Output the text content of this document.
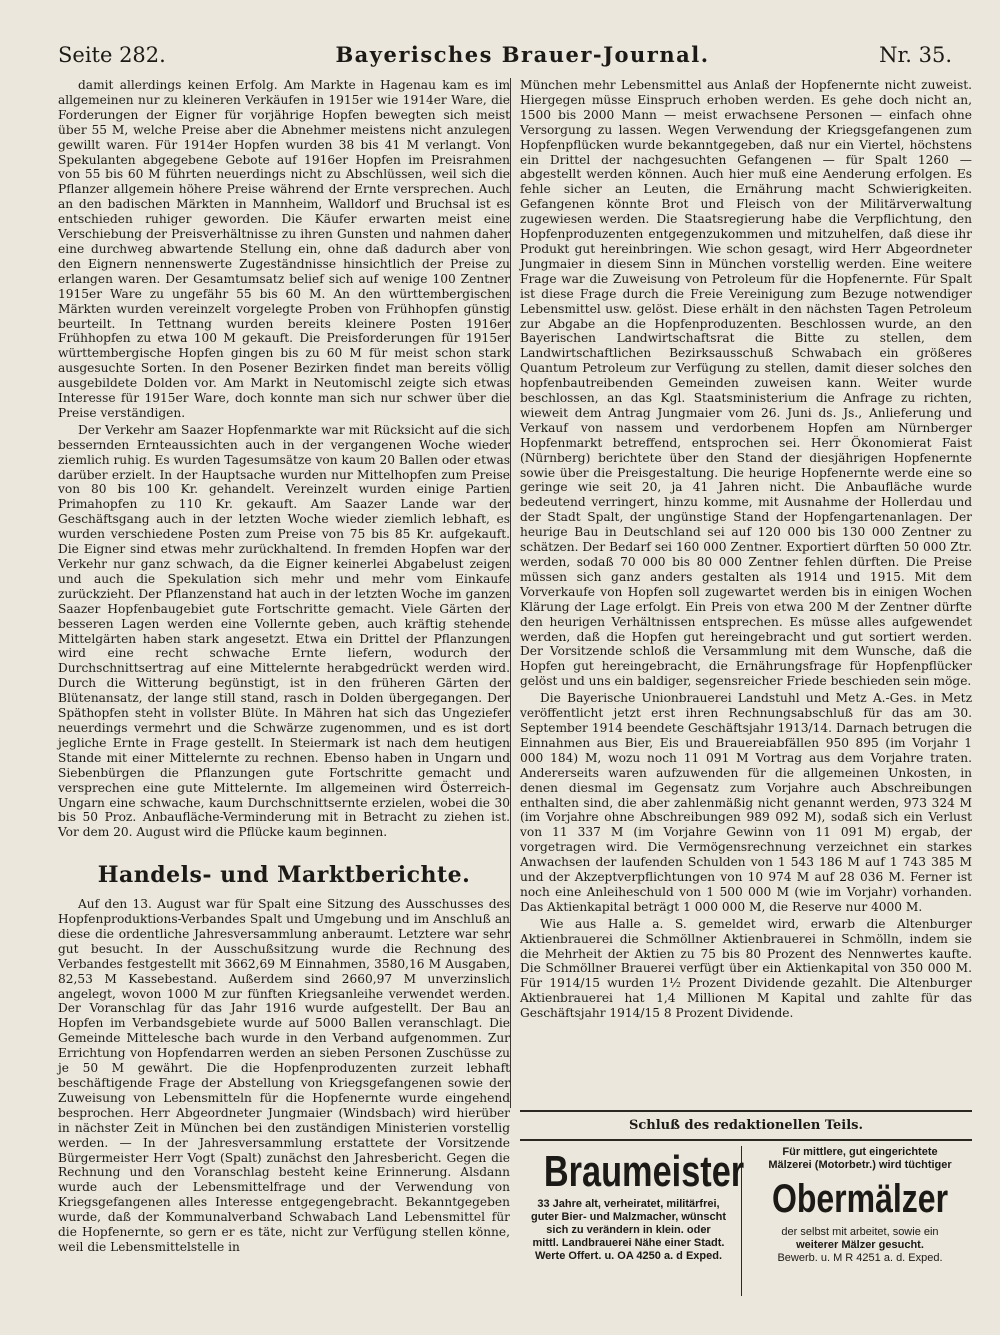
Seite 282.	Bayerisches Brauer-Journal.	Nr. 35.

damit allerdings keinen Erfolg. Am Markte in Hagenau kam es im allgemeinen nur zu kleineren Verkäufen in 1915er wie 1914er Ware, die Forderungen der Eigner für vorjährige Hopfen bewegten sich meist über 55 M, welche Preise aber die Abnehmer meistens nicht anzulegen gewillt waren. Für 1914er Hopfen wurden 38 bis 41 M verlangt. Von Spekulanten abgegebene Gebote auf 1916er Hopfen im Preisrahmen von 55 bis 60 M führten neuerdings nicht zu Abschlüssen, weil sich die Pflanzer allgemein höhere Preise während der Ernte versprechen. Auch an den badischen Märkten in Mannheim, Walldorf und Bruchsal ist es entschieden ruhiger geworden. Die Käufer erwarten meist eine Verschiebung der Preisverhältnisse zu ihren Gunsten und nahmen daher eine durchweg abwartende Stellung ein, ohne daß dadurch aber von den Eignern nennenswerte Zugeständnisse hinsichtlich der Preise zu erlangen waren. Der Gesamtumsatz belief sich auf wenige 100 Zentner 1915er Ware zu ungefähr 55 bis 60 M. An den württembergischen Märkten wurden vereinzelt vorgelegte Proben von Frühhopfen günstig beurteilt. In Tettnang wurden bereits kleinere Posten 1916er Frühhopfen zu etwa 100 M gekauft. Die Preisforderungen für 1915er württembergische Hopfen gingen bis zu 60 M für meist schon stark ausgesuchte Sorten. In den Posener Bezirken findet man bereits völlig ausgebildete Dolden vor. Am Markt in Neutomischl zeigte sich etwas Interesse für 1915er Ware, doch konnte man sich nur schwer über die Preise verständigen.

Der Verkehr am Saazer Hopfenmarkte war mit Rücksicht auf die sich bessernden Ernteaussichten auch in der vergangenen Woche wieder ziemlich ruhig. Es wurden Tagesumsätze von kaum 20 Ballen oder etwas darüber erzielt. In der Hauptsache wurden nur Mittelhopfen zum Preise von 80 bis 100 Kr. gehandelt. Vereinzelt wurden einige Partien Primahopfen zu 110 Kr. gekauft. Am Saazer Lande war der Geschäftsgang auch in der letzten Woche wieder ziemlich lebhaft, es wurden verschiedene Posten zum Preise von 75 bis 85 Kr. aufgekauft. Die Eigner sind etwas mehr zurückhaltend. In fremden Hopfen war der Verkehr nur ganz schwach, da die Eigner keinerlei Abgabelust zeigen und auch die Spekulation sich mehr und mehr vom Einkaufe zurückzieht. Der Pflanzenstand hat auch in der letzten Woche im ganzen Saazer Hopfenbaugebiet gute Fortschritte gemacht. Viele Gärten der besseren Lagen werden eine Vollernte geben, auch kräftig stehende Mittelgärten haben stark angesetzt. Etwa ein Drittel der Pflanzungen wird eine recht schwache Ernte liefern, wodurch der Durchschnittsertrag auf eine Mittelernte herabgedrückt werden wird. Durch die Witterung begünstigt, ist in den früheren Gärten der Blütenansatz, der lange still stand, rasch in Dolden übergegangen. Der Späthopfen steht in vollster Blüte. In Mähren hat sich das Ungeziefer neuerdings vermehrt und die Schwärze zugenommen, und es ist dort jegliche Ernte in Frage gestellt. In Steiermark ist nach dem heutigen Stande mit einer Mittelernte zu rechnen. Ebenso haben in Ungarn und Siebenbürgen die Pflanzungen gute Fortschritte gemacht und versprechen eine gute Mittelernte. Im allgemeinen wird Österreich-Ungarn eine schwache, kaum Durchschnittsernte erzielen, wobei die 30 bis 50 Proz. Anbaufläche-Verminderung mit in Betracht zu ziehen ist. Vor dem 20. August wird die Pflücke kaum beginnen.

Handels- und Marktberichte.

Auf den 13. August war für Spalt eine Sitzung des Ausschusses des Hopfenproduktions-Verbandes Spalt und Umgebung und im Anschluß an diese die ordentliche Jahresversammlung anberaumt. Letztere war sehr gut besucht. In der Ausschußsitzung wurde die Rechnung des Verbandes festgestellt mit 3662,69 M Einnahmen, 3580,16 M Ausgaben, 82,53 M Kassebestand. Außerdem sind 2660,97 M unverzinslich angelegt, wovon 1000 M zur fünften Kriegsanleihe verwendet werden. Der Voranschlag für das Jahr 1916 wurde aufgestellt. Der Bau an Hopfen im Verbandsgebiete wurde auf 5000 Ballen veranschlagt. Die Gemeinde Mittelesche bach wurde in den Verband aufgenommen. Zur Errichtung von Hopfendarren werden an sieben Personen Zuschüsse zu je 50 M gewährt. Die die Hopfenproduzenten zurzeit lebhaft beschäftigende Frage der Abstellung von Kriegsgefangenen sowie der Zuweisung von Lebensmitteln für die Hopfenernte wurde eingehend besprochen. Herr Abgeordneter Jungmaier (Windsbach) wird hierüber in nächster Zeit in München bei den zuständigen Ministerien vorstellig werden. — In der Jahresversammlung erstattete der Vorsitzende Bürgermeister Herr Vogt (Spalt) zunächst den Jahresbericht. Gegen die Rechnung und den Voranschlag besteht keine Erinnerung. Alsdann wurde auch der Lebensmittelfrage und der Verwendung von Kriegsgefangenen alles Interesse entgegengebracht. Bekanntgegeben wurde, daß der Kommunalverband Schwabach Land Lebensmittel für die Hopfenernte, so gern er es täte, nicht zur Verfügung stellen könne, weil die Lebensmittelstelle in

München mehr Lebensmittel aus Anlaß der Hopfenernte nicht zuweist. Hiergegen müsse Einspruch erhoben werden. Es gehe doch nicht an, 1500 bis 2000 Mann — meist erwachsene Personen — einfach ohne Versorgung zu lassen. Wegen Verwendung der Kriegsgefangenen zum Hopfenpflücken wurde bekanntgegeben, daß nur ein Viertel, höchstens ein Drittel der nachgesuchten Gefangenen — für Spalt 1260 — abgestellt werden können. Auch hier muß eine Aenderung erfolgen. Es fehle sicher an Leuten, die Ernährung macht Schwierigkeiten. Gefangenen könnte Brot und Fleisch von der Militärverwaltung zugewiesen werden. Die Staatsregierung habe die Verpflichtung, den Hopfenproduzenten entgegenzukommen und mitzuhelfen, daß diese ihr Produkt gut hereinbringen. Wie schon gesagt, wird Herr Abgeordneter Jungmaier in diesem Sinn in München vorstellig werden. Eine weitere Frage war die Zuweisung von Petroleum für die Hopfenernte. Für Spalt ist diese Frage durch die Freie Vereinigung zum Bezuge notwendiger Lebensmittel usw. gelöst. Diese erhält in den nächsten Tagen Petroleum zur Abgabe an die Hopfenproduzenten. Beschlossen wurde, an den Bayerischen Landwirtschaftsrat die Bitte zu stellen, dem Landwirtschaftlichen Bezirksausschuß Schwabach ein größeres Quantum Petroleum zur Verfügung zu stellen, damit dieser solches den hopfenbautreibenden Gemeinden zuweisen kann. Weiter wurde beschlossen, an das Kgl. Staatsministerium die Anfrage zu richten, wieweit dem Antrag Jungmaier vom 26. Juni ds. Js., Anlieferung und Verkauf von nassem und verdorbenem Hopfen am Nürnberger Hopfenmarkt betreffend, entsprochen sei. Herr Ökonomierat Faist (Nürnberg) berichtete über den Stand der diesjährigen Hopfenernte sowie über die Preisgestaltung. Die heurige Hopfenernte werde eine so geringe wie seit 20, ja 41 Jahren nicht. Die Anbaufläche wurde bedeutend verringert, hinzu komme, mit Ausnahme der Hollerdau und der Stadt Spalt, der ungünstige Stand der Hopfengartenanlagen. Der heurige Bau in Deutschland sei auf 120 000 bis 130 000 Zentner zu schätzen. Der Bedarf sei 160 000 Zentner. Exportiert dürften 50 000 Ztr. werden, sodaß 70 000 bis 80 000 Zentner fehlen dürften. Die Preise müssen sich ganz anders gestalten als 1914 und 1915. Mit dem Vorverkaufe von Hopfen soll zugewartet werden bis in einigen Wochen Klärung der Lage erfolgt. Ein Preis von etwa 200 M der Zentner dürfte den heurigen Verhältnissen entsprechen. Es müsse alles aufgewendet werden, daß die Hopfen gut hereingebracht und gut sortiert werden. Der Vorsitzende schloß die Versammlung mit dem Wunsche, daß die Hopfen gut hereingebracht, die Ernährungsfrage für Hopfenpflücker gelöst und uns ein baldiger, segensreicher Friede beschieden sein möge.

Die Bayerische Unionbrauerei Landstuhl und Metz A.-Ges. in Metz veröffentlicht jetzt erst ihren Rechnungsabschluß für das am 30. September 1914 beendete Geschäftsjahr 1913/14. Darnach betrugen die Einnahmen aus Bier, Eis und Brauereiabfällen 950 895 (im Vorjahr 1 000 184) M, wozu noch 11 091 M Vortrag aus dem Vorjahre traten. Andererseits waren aufzuwenden für die allgemeinen Unkosten, in denen diesmal im Gegensatz zum Vorjahre auch Abschreibungen enthalten sind, die aber zahlenmäßig nicht genannt werden, 973 324 M (im Vorjahre ohne Abschreibungen 989 092 M), sodaß sich ein Verlust von 11 337 M (im Vorjahre Gewinn von 11 091 M) ergab, der vorgetragen wird. Die Vermögensrechnung verzeichnet ein starkes Anwachsen der laufenden Schulden von 1 543 186 M auf 1 743 385 M und der Akzeptverpflichtungen von 10 974 M auf 28 036 M. Ferner ist noch eine Anleiheschuld von 1 500 000 M (wie im Vorjahr) vorhanden. Das Aktienkapital beträgt 1 000 000 M, die Reserve nur 4000 M.

Wie aus Halle a. S. gemeldet wird, erwarb die Altenburger Aktienbrauerei die Schmöllner Aktienbrauerei in Schmölln, indem sie die Mehrheit der Aktien zu 75 bis 80 Prozent des Nennwertes kaufte. Die Schmöllner Brauerei verfügt über ein Aktienkapital von 350 000 M. Für 1914/15 wurden 1½ Prozent Dividende gezahlt. Die Altenburger Aktienbrauerei hat 1,4 Millionen M Kapital und zahlte für das Geschäftsjahr 1914/15 8 Prozent Dividende.

Schluß des redaktionellen Teils.
Braumeister
33 Jahre alt, verheiratet, militärfrei,
guter Bier- und Malzmacher, wünscht
sich zu verändern in klein. oder
mittl. Landbrauerei Nähe einer Stadt.
Werte Offert. u. OA 4250 a. d Exped.
Für mittlere, gut eingerichtete
Mälzerei (Motorbetr.) wird tüchtiger
Obermälzer
der selbst mit arbeitet, sowie ein
weiterer Mälzer gesucht.
Bewerb. u. M R 4251 a. d. Exped.
